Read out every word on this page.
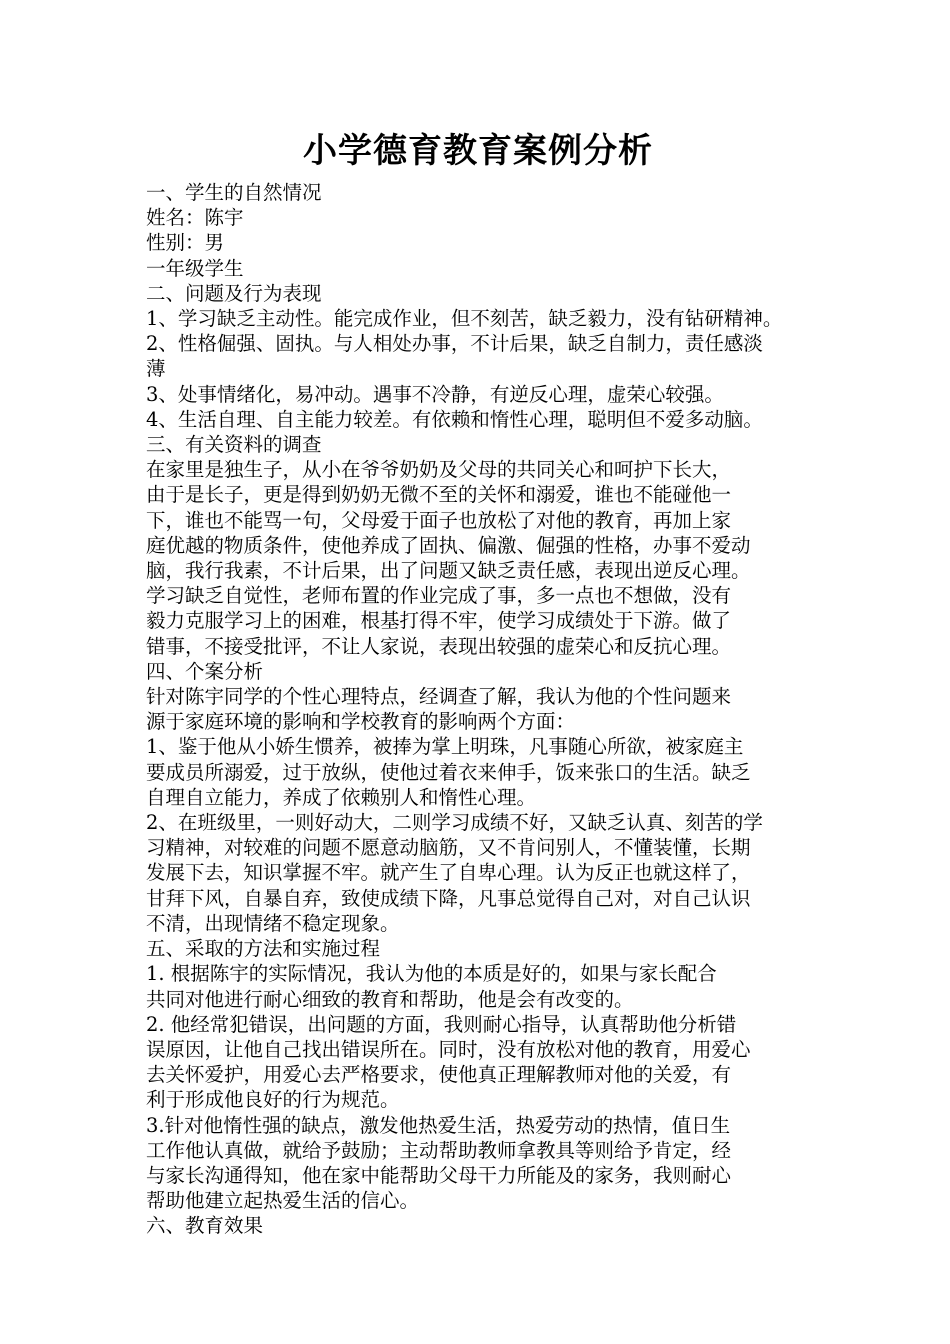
小学德育教育案例分析

一、学生的自然情况

姓名：陈宇

性别：男

一年级学生

二、问题及行为表现

1、学习缺乏主动性。能完成作业，但不刻苦，缺乏毅力，没有钻研精神。

2、性格倔强、固执。与人相处办事，不计后果，缺乏自制力，责任感淡

薄

3、处事情绪化，易冲动。遇事不冷静，有逆反心理，虚荣心较强。

4、生活自理、自主能力较差。有依赖和惰性心理，聪明但不爱多动脑。

三、有关资料的调查

在家里是独生子，从小在爷爷奶奶及父母的共同关心和呵护下长大，

由于是长子，更是得到奶奶无微不至的关怀和溺爱，谁也不能碰他一

下，谁也不能骂一句，父母爱于面子也放松了对他的教育，再加上家

庭优越的物质条件，使他养成了固执、偏激、倔强的性格，办事不爱动

脑，我行我素，不计后果，出了问题又缺乏责任感，表现出逆反心理。

学习缺乏自觉性，老师布置的作业完成了事，多一点也不想做，没有

毅力克服学习上的困难，根基打得不牢，使学习成绩处于下游。做了

错事，不接受批评，不让人家说，表现出较强的虚荣心和反抗心理。

四、个案分析

针对陈宇同学的个性心理特点，经调查了解，我认为他的个性问题来

源于家庭环境的影响和学校教育的影响两个方面：

1、鉴于他从小娇生惯养，被捧为掌上明珠，凡事随心所欲，被家庭主

要成员所溺爱，过于放纵，使他过着衣来伸手，饭来张口的生活。缺乏

自理自立能力，养成了依赖别人和惰性心理。

2、在班级里，一则好动大，二则学习成绩不好，又缺乏认真、刻苦的学

习精神，对较难的问题不愿意动脑筋，又不肯问别人，不懂装懂，长期

发展下去，知识掌握不牢。就产生了自卑心理。认为反正也就这样了，

甘拜下风，自暴自弃，致使成绩下降，凡事总觉得自己对，对自己认识

不清，出现情绪不稳定现象。

五、采取的方法和实施过程

1. 根据陈宇的实际情况，我认为他的本质是好的，如果与家长配合

共同对他进行耐心细致的教育和帮助，他是会有改变的。

2. 他经常犯错误，出问题的方面，我则耐心指导，认真帮助他分析错

误原因，让他自己找出错误所在。同时，没有放松对他的教育，用爱心

去关怀爱护，用爱心去严格要求，使他真正理解教师对他的关爱，有

利于形成他良好的行为规范。

3.针对他惰性强的缺点，激发他热爱生活，热爱劳动的热情，值日生

工作他认真做，就给予鼓励；主动帮助教师拿教具等则给予肯定，经

与家长沟通得知，他在家中能帮助父母干力所能及的家务，我则耐心

帮助他建立起热爱生活的信心。

六、教育效果
